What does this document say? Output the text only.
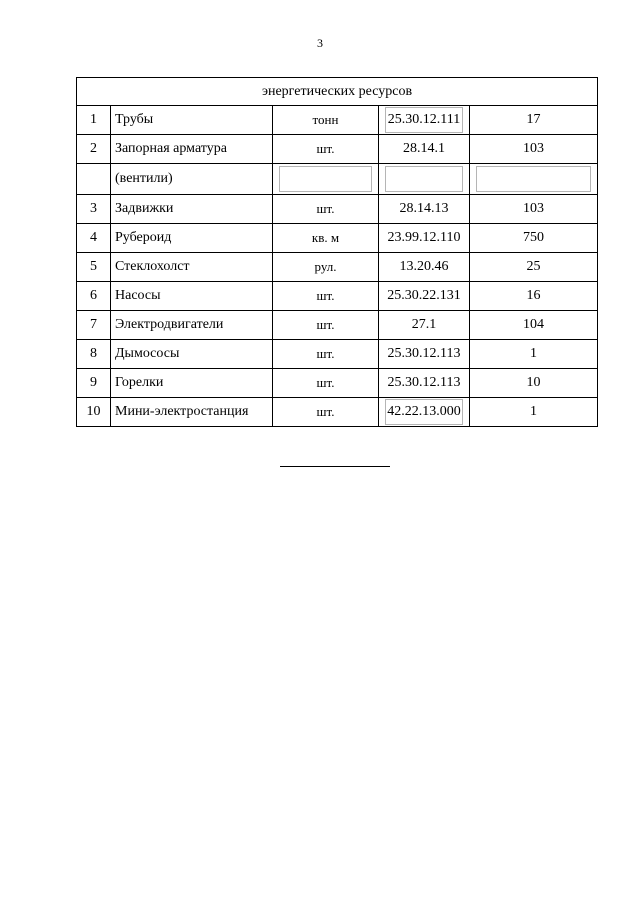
3
энергетических ресурсов				
1	Трубы	тонн	25.30.12.111	17
2	Запорная арматура	шт.	28.14.1	103
	(вентили)	

3	Задвижки	шт.	28.14.13	103
4	Рубероид	кв. м	23.99.12.110	750
5	Стеклохолст	рул.	13.20.46	25
6	Насосы	шт.	25.30.22.131	16
7	Электродвигатели	шт.	27.1	104
8	Дымососы	шт.	25.30.12.113	1
9	Горелки	шт.	25.30.12.113	10
10	Мини-электростанция	шт.	42.22.13.000	1
